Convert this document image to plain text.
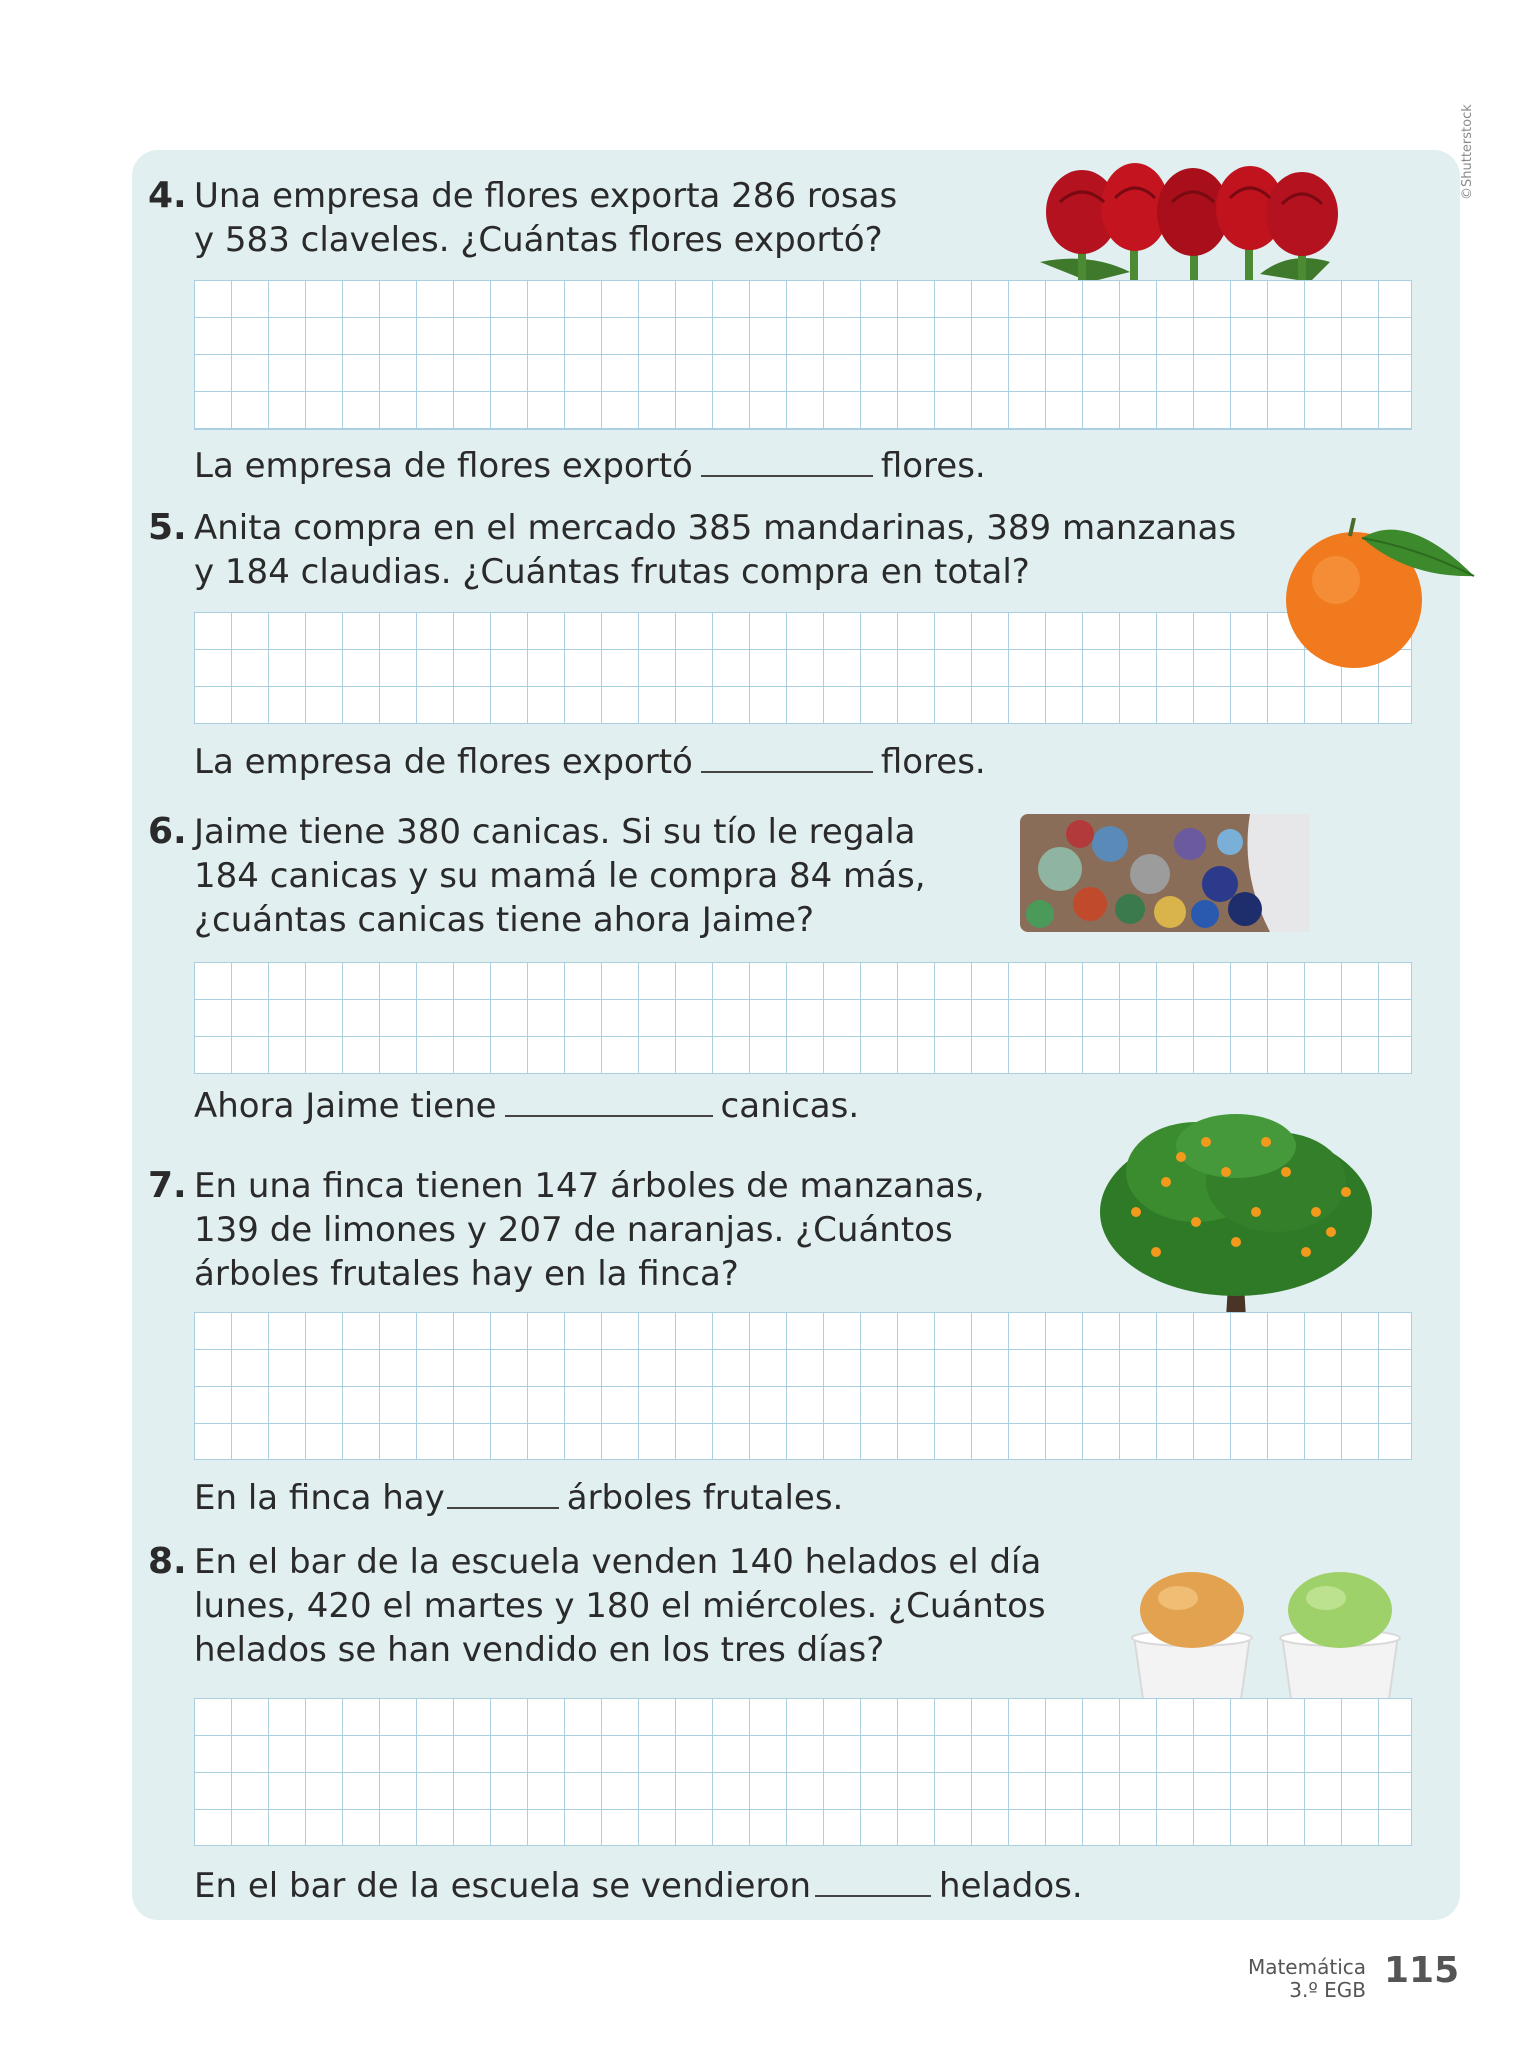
©Shutterstock
4. Una empresa de flores exporta 286 rosas
y 583 claveles. ¿Cuántas flores exportó?
La empresa de flores exportó	flores.
5. Anita compra en el mercado 385 mandarinas, 389 manzanas
y 184 claudias. ¿Cuántas frutas compra en total?
La empresa de flores exportó	flores.
6. Jaime tiene 380 canicas. Si su tío le regala
184 canicas y su mamá le compra 84 más,
¿cuántas canicas tiene ahora Jaime?
Ahora Jaime tiene	canicas.
7. En una finca tienen 147 árboles de manzanas,
139 de limones y 207 de naranjas. ¿Cuántos
árboles frutales hay en la finca?
En la finca hay	árboles frutales.
8. En el bar de la escuela venden 140 helados el día
lunes, 420 el martes y 180 el miércoles. ¿Cuántos
helados se han vendido en los tres días?
En el bar de la escuela se vendieron	helados.
Matemática
3.º EGB 115
